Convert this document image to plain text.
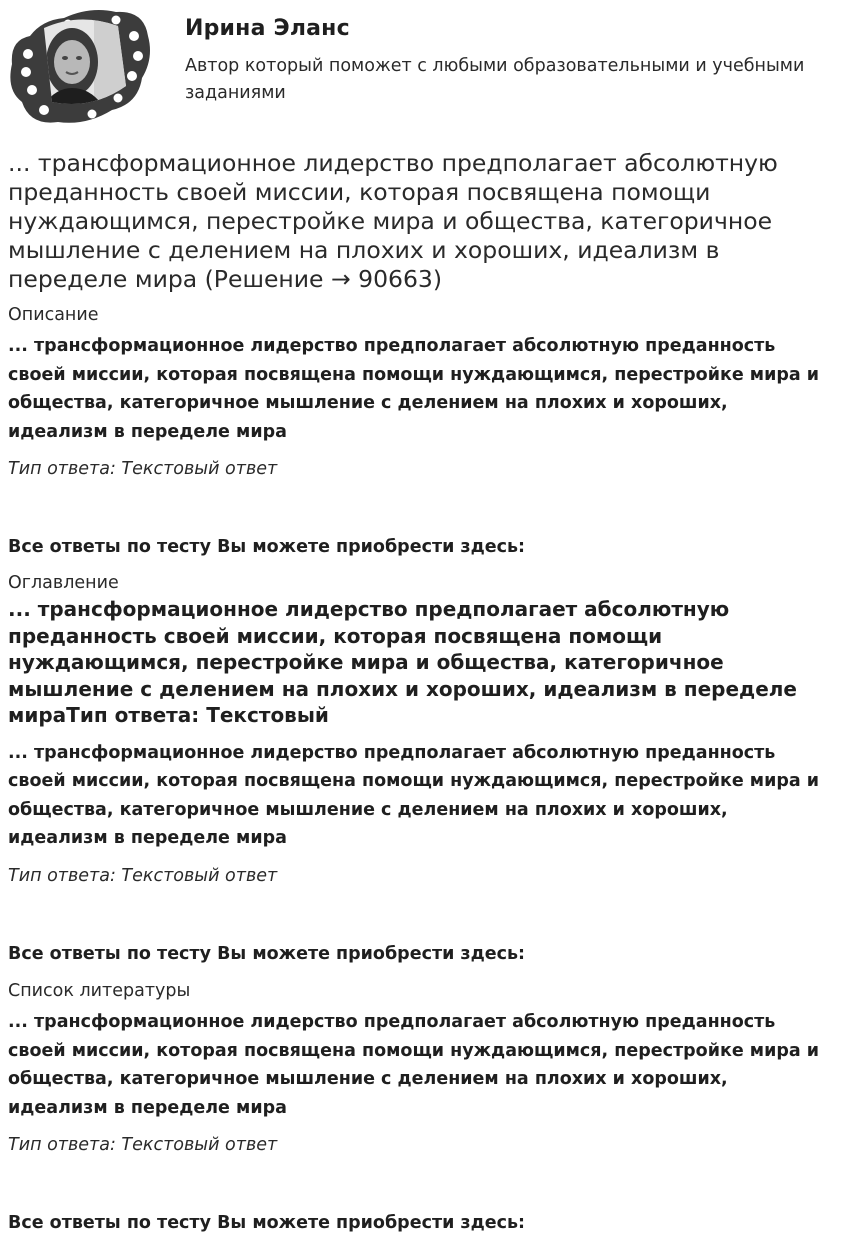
Ирина Эланс
Автор который поможет с любыми образовательными и учебными заданиями
... трансформационное лидерство предполагает абсолютную преданность своей миссии, которая посвящена помощи нуждающимся, перестройке мира и общества, категоричное мышление с делением на плохих и хороших, идеализм в переделе мира (Решение → 90663)
Описание
... трансформационное лидерство предполагает абсолютную преданность своей миссии, которая посвящена помощи нуждающимся, перестройке мира и общества, категоричное мышление с делением на плохих и хороших, идеализм в переделе мира
Тип ответа: Текстовый ответ
Все ответы по тесту Вы можете приобрести здесь:
Оглавление
... трансформационное лидерство предполагает абсолютную преданность своей миссии, которая посвящена помощи нуждающимся, перестройке мира и общества, категоричное мышление с делением на плохих и хороших, идеализм в переделе мираТип ответа: Текстовый
... трансформационное лидерство предполагает абсолютную преданность своей миссии, которая посвящена помощи нуждающимся, перестройке мира и общества, категоричное мышление с делением на плохих и хороших, идеализм в переделе мира
Тип ответа: Текстовый ответ
Все ответы по тесту Вы можете приобрести здесь:
Список литературы
... трансформационное лидерство предполагает абсолютную преданность своей миссии, которая посвящена помощи нуждающимся, перестройке мира и общества, категоричное мышление с делением на плохих и хороших, идеализм в переделе мира
Тип ответа: Текстовый ответ
Все ответы по тесту Вы можете приобрести здесь:
